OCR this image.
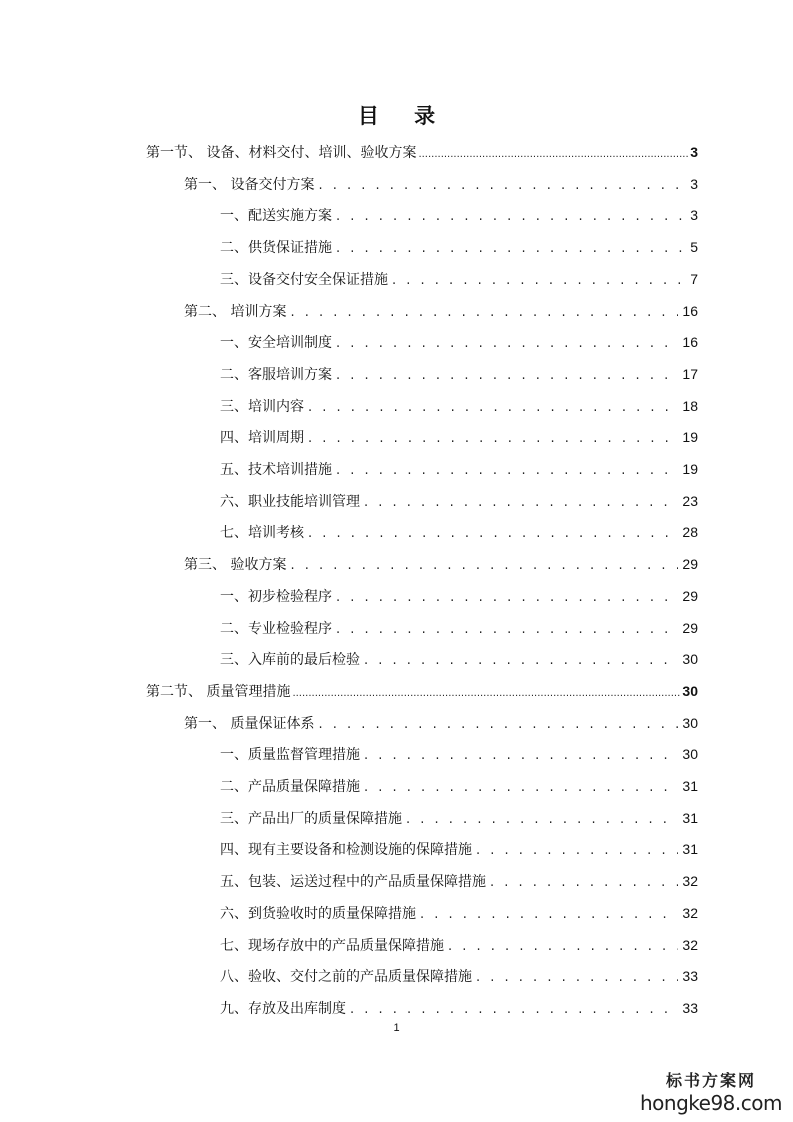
目 录
第一节、 设备、材料交付、培训、验收方案 .....	3
第一、 设备交付方案 . . .	3
一、配送实施方案 . . .	3
二、供货保证措施 . . .	5
三、设备交付安全保证措施 . . .	7
第二、 培训方案 . . .	16
一、安全培训制度 . . .	16
二、客服培训方案 . . .	17
三、培训内容 . . .	18
四、培训周期 . . .	19
五、技术培训措施 . . .	19
六、职业技能培训管理 . . .	23
七、培训考核 . . .	28
第三、 验收方案 . . .	29
一、初步检验程序 . . .	29
二、专业检验程序 . . .	29
三、入库前的最后检验 . . .	30
第二节、 质量管理措施 .....	30
第一、 质量保证体系 . . .	30
一、质量监督管理措施 . . .	30
二、产品质量保障措施 . . .	31
三、产品出厂的质量保障措施 . . .	31
四、现有主要设备和检测设施的保障措施 . . .	31
五、包装、运送过程中的产品质量保障措施 . . .	32
六、到货验收时的质量保障措施 . . .	32
七、现场存放中的产品质量保障措施 . . .	32
八、验收、交付之前的产品质量保障措施 . . .	33
九、存放及出库制度 . . .	33
1
标书方案网
hongke98.com
